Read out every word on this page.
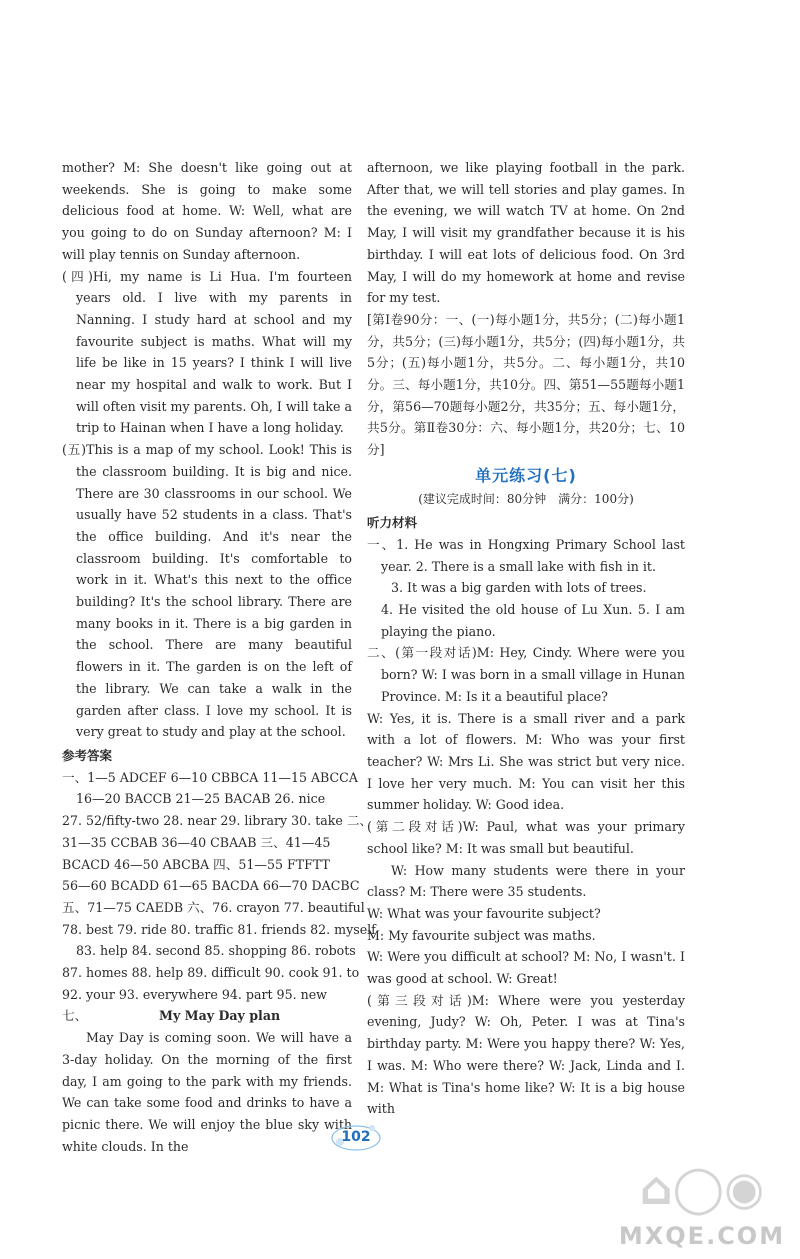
mother? M: She doesn't like going out at weekends. She is going to make some delicious food at home. W: Well, what are you going to do on Sunday afternoon? M: I will play tennis on Sunday afternoon.

(四)Hi, my name is Li Hua. I'm fourteen years old. I live with my parents in Nanning. I study hard at school and my favourite subject is maths. What will my life be like in 15 years? I think I will live near my hospital and walk to work. But I will often visit my parents. Oh, I will take a trip to Hainan when I have a long holiday.

(五)This is a map of my school. Look! This is the classroom building. It is big and nice. There are 30 classrooms in our school. We usually have 52 students in a class. That's the office building. And it's near the classroom building. It's comfortable to work in it. What's this next to the office building? It's the school library. There are many books in it. There is a big garden in the school. There are many beautiful flowers in it. The garden is on the left of the library. We can take a walk in the garden after class. I love my school. It is very great to study and play at the school.

参考答案

一、1—5 ADCEF 6—10 CBBCA 11—15 ABCCA

16—20 BACCB 21—25 BACAB 26. nice

27. 52/fifty-two 28. near 29. library 30. take 二、

31—35 CCBAB 36—40 CBAAB 三、41—45

BCACD 46—50 ABCBA 四、51—55 FTFTT

56—60 BCADD 61—65 BACDA 66—70 DACBC

五、71—75 CAEDB 六、76. crayon 77. beautiful

78. best 79. ride 80. traffic 81. friends 82. myself

83. help 84. second 85. shopping 86. robots

87. homes 88. help 89. difficult 90. cook 91. to

92. your 93. everywhere 94. part 95. new

七、	My May Day plan

May Day is coming soon. We will have a 3-day holiday. On the morning of the first day, I am going to the park with my friends. We can take some food and drinks to have a picnic there. We will enjoy the blue sky with white clouds. In the

afternoon, we like playing football in the park. After that, we will tell stories and play games. In the evening, we will watch TV at home. On 2nd May, I will visit my grandfather because it is his birthday. I will eat lots of delicious food. On 3rd May, I will do my homework at home and revise for my test.

[第Ⅰ卷90分：一、(一)每小题1分，共5分；(二)每小题1分，共5分；(三)每小题1分，共5分；(四)每小题1分，共5分；(五)每小题1分，共5分。二、每小题1分，共10分。三、每小题1分，共10分。四、第51—55题每小题1分，第56—70题每小题2分，共35分；五、每小题1分，共5分。第Ⅱ卷30分：六、每小题1分，共20分；七、10分]

单元练习(七)

(建议完成时间：80分钟　满分：100分)

听力材料

一、1. He was in Hongxing Primary School last year. 2. There is a small lake with fish in it.

3. It was a big garden with lots of trees.

4. He visited the old house of Lu Xun. 5. I am playing the piano.

二、(第一段对话)M: Hey, Cindy. Where were you born? W: I was born in a small village in Hunan Province. M: Is it a beautiful place?

W: Yes, it is. There is a small river and a park with a lot of flowers. M: Who was your first teacher? W: Mrs Li. She was strict but very nice. I love her very much. M: You can visit her this summer holiday. W: Good idea.

(第二段对话)W: Paul, what was your primary school like? M: It was small but beautiful.

W: How many students were there in your class? M: There were 35 students.

W: What was your favourite subject?

M: My favourite subject was maths.

W: Were you difficult at school? M: No, I wasn't. I was good at school. W: Great!

(第三段对话)M: Where were you yesterday evening, Judy? W: Oh, Peter. I was at Tina's birthday party. M: Were you happy there? W: Yes, I was. M: Who were there? W: Jack, Linda and I. M: What is Tina's home like? W: It is a big house with

102
⌂◯◉
MXQE.COM
